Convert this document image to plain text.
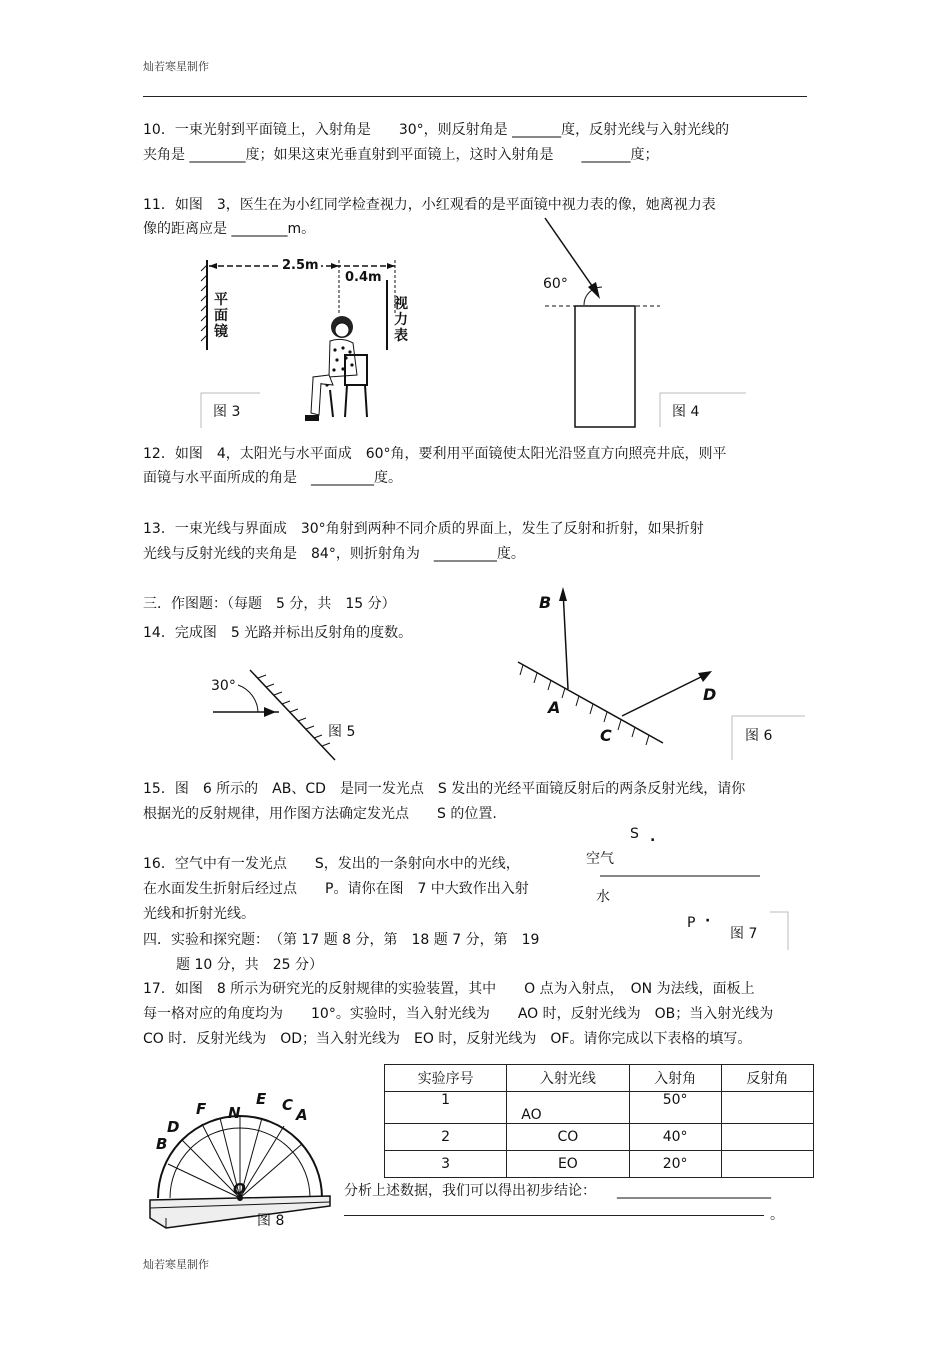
灿若寒星制作
10．一束光射到平面镜上，入射角是　　30°，则反射角是 _______度，反射光线与入射光线的
夹角是 ________度；如果这束光垂直射到平面镜上，这时入射角是　　_______度；
11．如图　3，医生在为小红同学检查视力，小红观看的是平面镜中视力表的像，她离视力表
像的距离应是 ________m。
2.5m
0.4m
平面镜
视力表
图 3
60°
图 4
12．如图　4，太阳光与水平面成　60°角，要利用平面镜使太阳光沿竖直方向照亮井底，则平
面镜与水平面所成的角是　_________度。
13．一束光线与界面成　30°角射到两种不同介质的界面上，发生了反射和折射，如果折射
光线与反射光线的夹角是　84°，则折射角为　_________度。
三．作图题：（每题　5 分，共　15 分）
14．完成图　5 光路并标出反射角的度数。
30°
图 5
B
A
C
D
图 6
15．图　6 所示的　AB、CD　是同一发光点　S 发出的光经平面镜反射后的两条反射光线，请你
根据光的反射规律，用作图方法确定发光点　　S 的位置.
16．空气中有一发光点　　S，发出的一条射向水中的光线，
在水面发生折射后经过点　　P。请你在图　7 中大致作出入射
光线和折射光线。
S .
空气
水
P ·
图 7
四．实验和探究题：　（第 17 题 8 分，第　18 题 7 分，第　19
题 10 分，共　25 分）
17．如图　8 所示为研究光的反射规律的实验装置，其中　　O 点为入射点，　ON 为法线，面板上
每一格对应的角度均为　　10°。实验时，当入射光线为　　AO 时，反射光线为　OB；当入射光线为
CO 时．反射光线为　OD；当入射光线为　EO 时，反射光线为　OF。请你完成以下表格的填写。
实验序号	入射光线	入射角	反射角
1	AO	50°	
2	CO	40°	
3	EO	20°	
F N
E C
A
D
B
O
图 8
分析上述数据，我们可以得出初步结论：　　______________________
。
灿若寒星制作
